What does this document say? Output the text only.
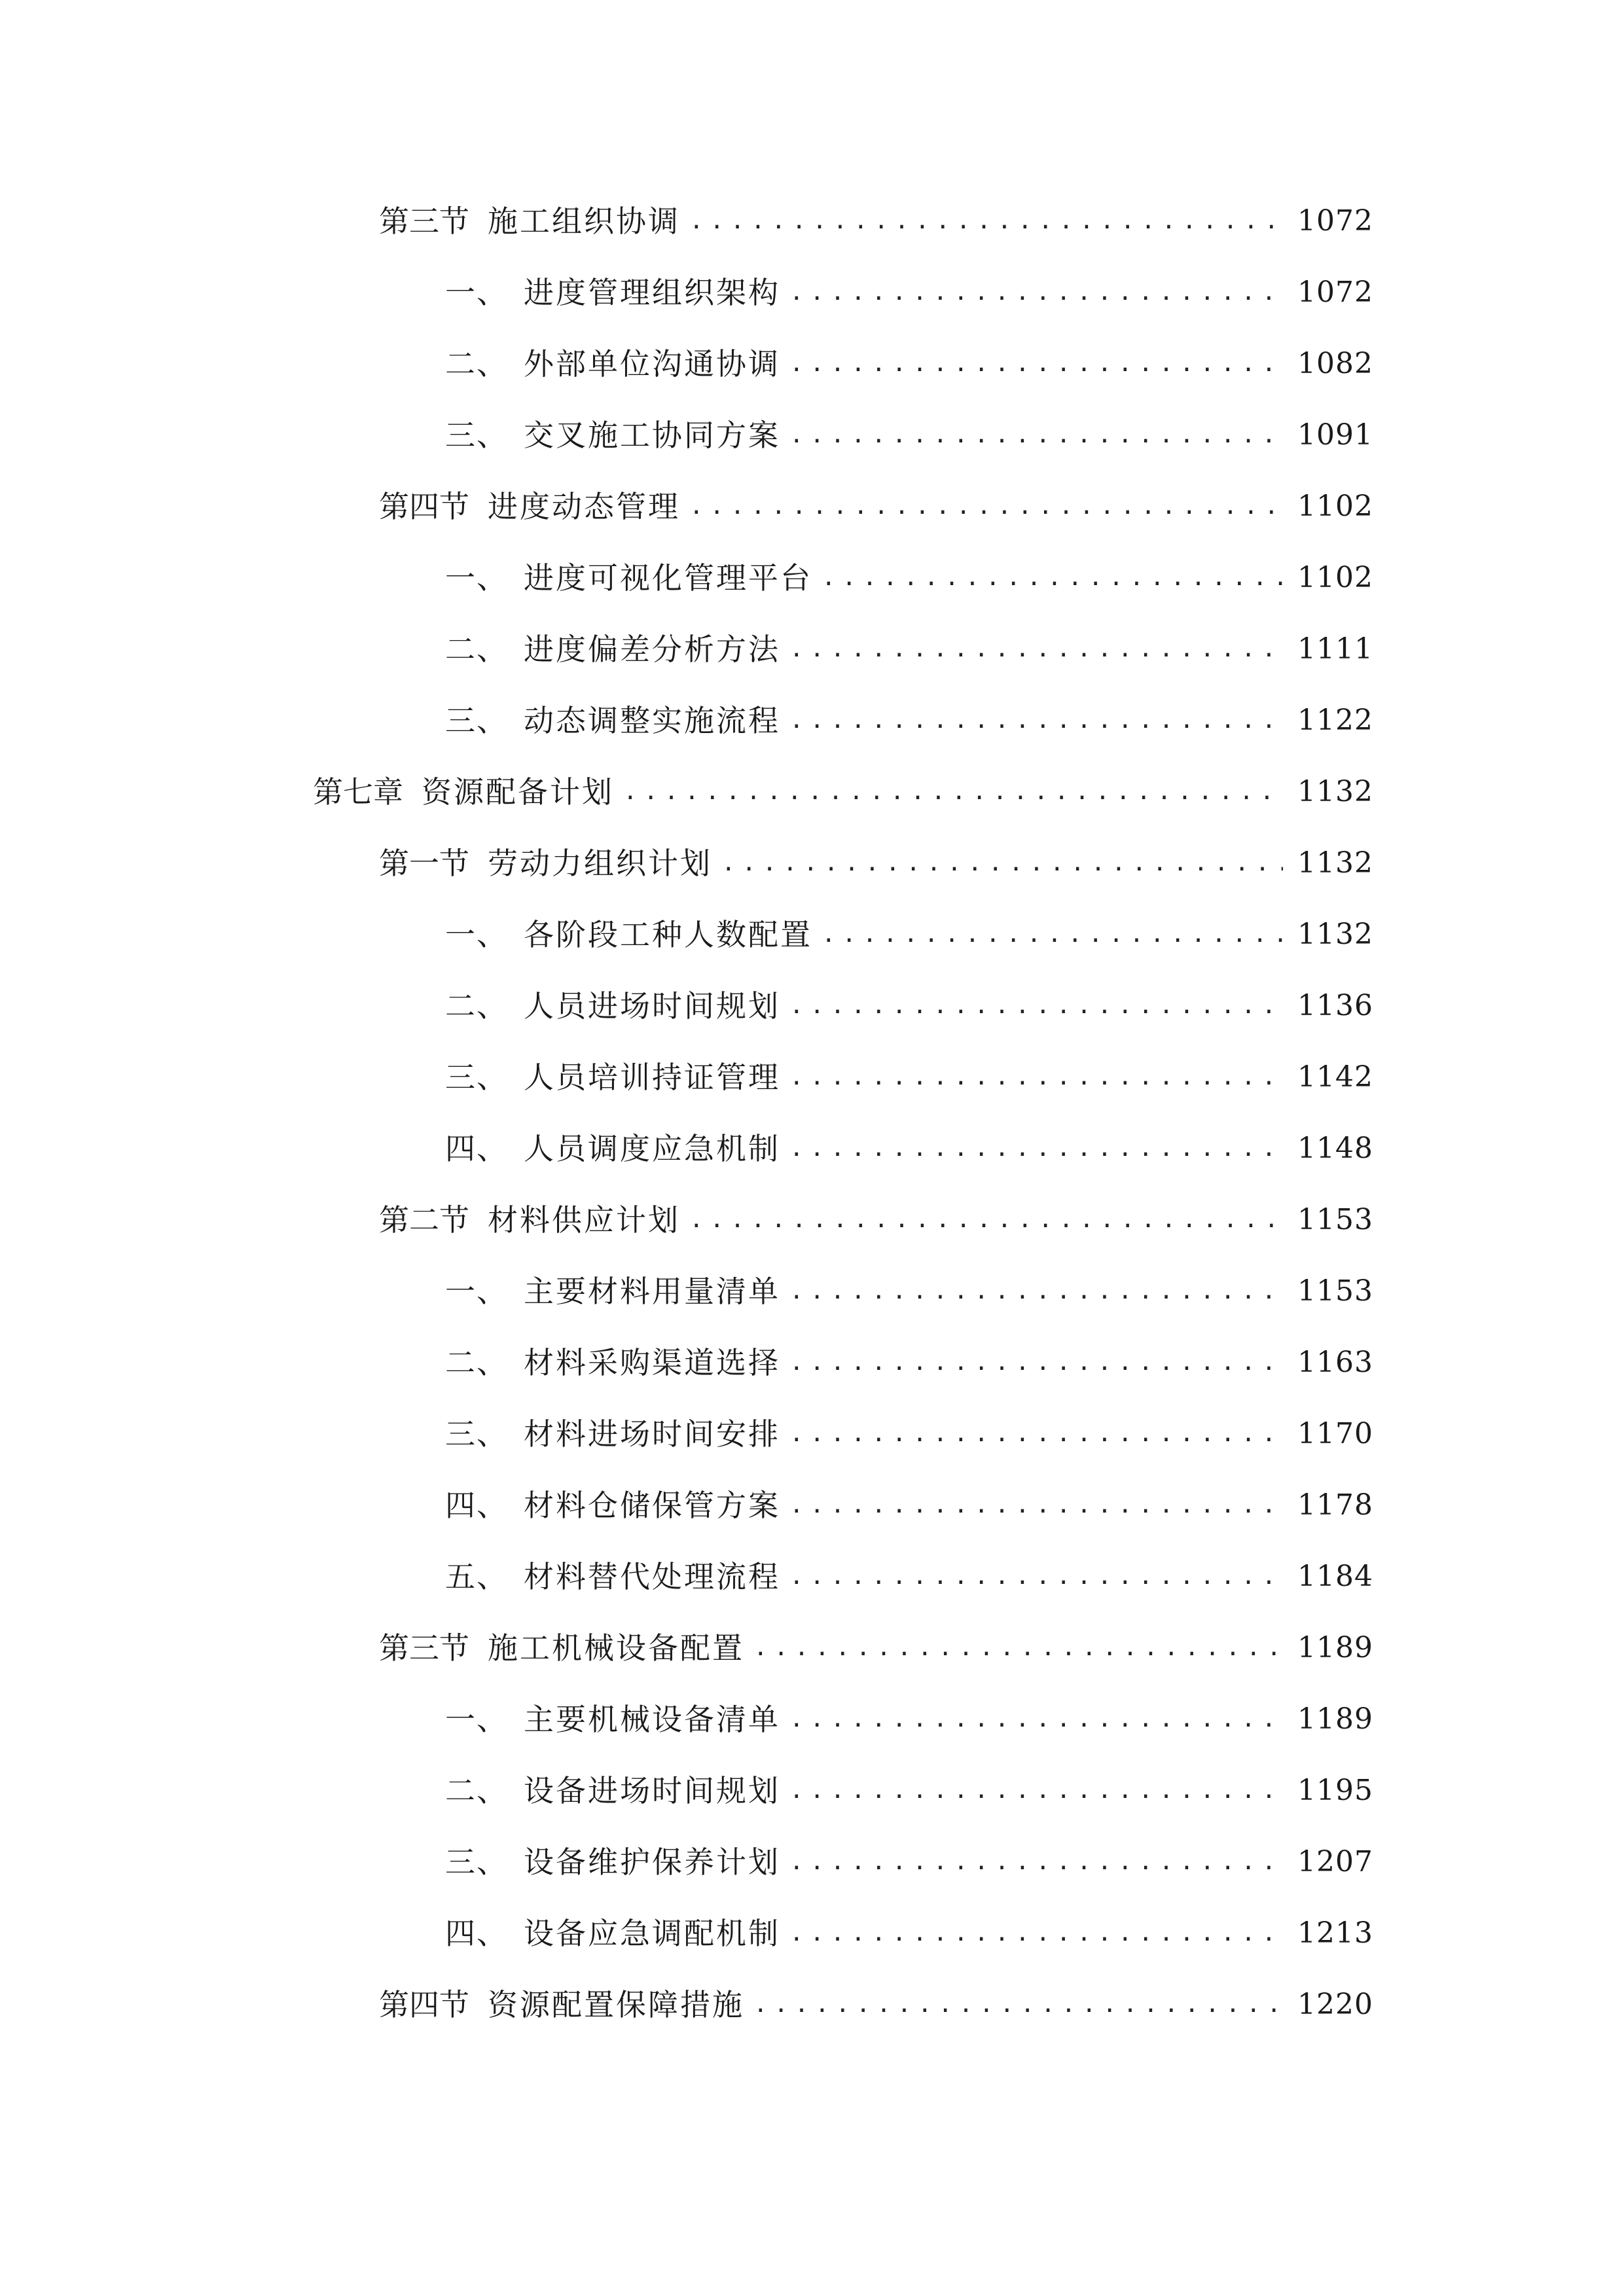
第三节 施工组织协调 .....	1072
一、 进度管理组织架构 .....	1072
二、 外部单位沟通协调 .....	1082
三、 交叉施工协同方案 .....	1091
第四节 进度动态管理 .....	1102
一、 进度可视化管理平台 .....	1102
二、 进度偏差分析方法 .....	1111
三、 动态调整实施流程 .....	1122
第七章 资源配备计划 .....	1132
第一节 劳动力组织计划 .....	1132
一、 各阶段工种人数配置 .....	1132
二、 人员进场时间规划 .....	1136
三、 人员培训持证管理 .....	1142
四、 人员调度应急机制 .....	1148
第二节 材料供应计划 .....	1153
一、 主要材料用量清单 .....	1153
二、 材料采购渠道选择 .....	1163
三、 材料进场时间安排 .....	1170
四、 材料仓储保管方案 .....	1178
五、 材料替代处理流程 .....	1184
第三节 施工机械设备配置 .....	1189
一、 主要机械设备清单 .....	1189
二、 设备进场时间规划 .....	1195
三、 设备维护保养计划 .....	1207
四、 设备应急调配机制 .....	1213
第四节 资源配置保障措施 .....	1220
